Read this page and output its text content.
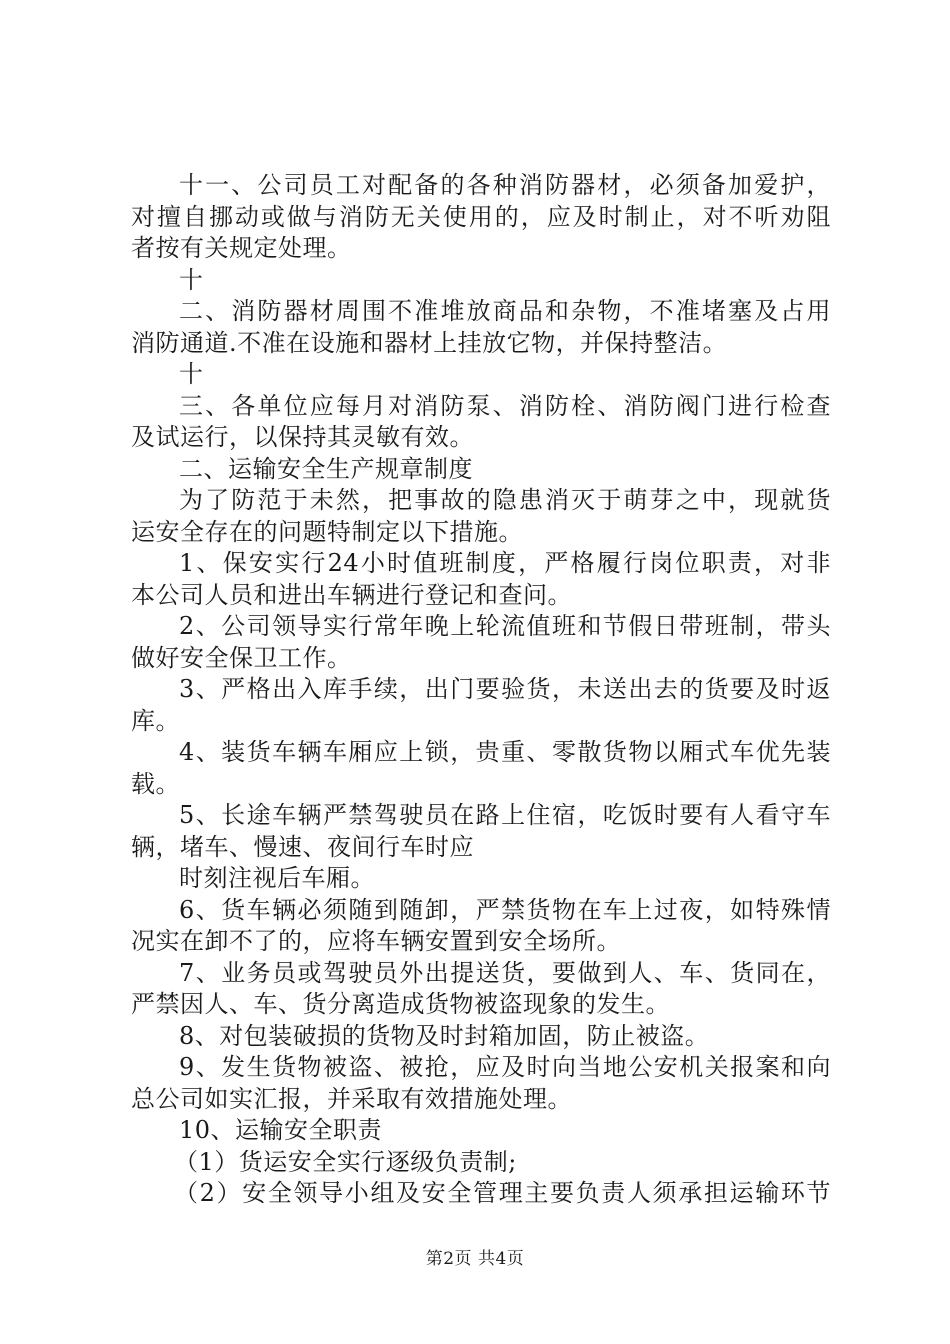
十一、公司员工对配备的各种消防器材，必须备加爱护，
对擅自挪动或做与消防无关使用的，应及时制止，对不听劝阻
者按有关规定处理。
十
二、消防器材周围不准堆放商品和杂物，不准堵塞及占用
消防通道.不准在设施和器材上挂放它物，并保持整洁。
十
三、各单位应每月对消防泵、消防栓、消防阀门进行检查
及试运行，以保持其灵敏有效。
二、运输安全生产规章制度
为了防范于未然，把事故的隐患消灭于萌芽之中，现就货
运安全存在的问题特制定以下措施。
1、保安实行24小时值班制度，严格履行岗位职责，对非
本公司人员和进出车辆进行登记和查问。
2、公司领导实行常年晚上轮流值班和节假日带班制，带头
做好安全保卫工作。
3、严格出入库手续，出门要验货，未送出去的货要及时返
库。
4、装货车辆车厢应上锁，贵重、零散货物以厢式车优先装
载。
5、长途车辆严禁驾驶员在路上住宿，吃饭时要有人看守车
辆，堵车、慢速、夜间行车时应
时刻注视后车厢。
6、货车辆必须随到随卸，严禁货物在车上过夜，如特殊情
况实在卸不了的，应将车辆安置到安全场所。
7、业务员或驾驶员外出提送货，要做到人、车、货同在，
严禁因人、车、货分离造成货物被盗现象的发生。
8、对包装破损的货物及时封箱加固，防止被盗。
9、发生货物被盗、被抢，应及时向当地公安机关报案和向
总公司如实汇报，并采取有效措施处理。
10、运输安全职责
（1）货运安全实行逐级负责制;
（2）安全领导小组及安全管理主要负责人须承担运输环节
第2页 共4页
